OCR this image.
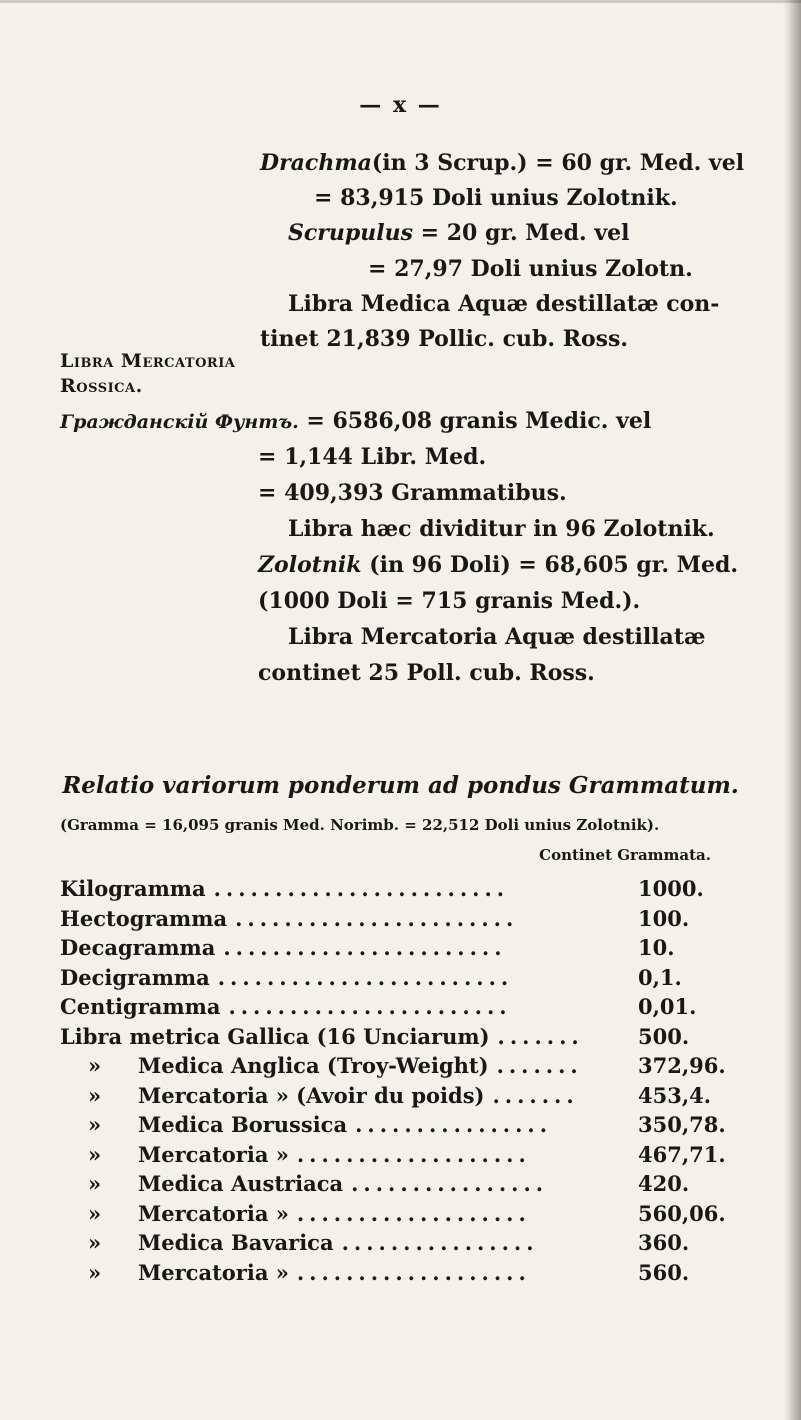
— x —
Drachma(in 3 Scrup.) = 60 gr. Med. vel
= 83,915 Doli unius Zolotnik.
Scrupulus = 20 gr. Med. vel
= 27,97 Doli unius Zolotn.
Libra Medica Aquæ destillatæ con-
tinet 21,839 Pollic. cub. Ross.
Libra Mercatoria
Rossica.
Гражданскій Фунтъ. = 6586,08 granis Medic. vel
= 1,144 Libr. Med.
= 409,393 Grammatibus.
Libra hæc dividitur in 96 Zolotnik.
Zolotnik (in 96 Doli) = 68,605 gr. Med.
(1000 Doli = 715 granis Med.).
Libra Mercatoria Aquæ destillatæ
continet 25 Poll. cub. Ross.
Relatio variorum ponderum ad pondus Grammatum.
(Gramma = 16,095 granis Med. Norimb. = 22,512 Doli unius Zolotnik).
Continet Grammata.
Kilogramma ........................	1000.
Hectogramma .......................	100.
Decagramma .......................	10.
Decigramma ........................	0,1.
Centigramma .......................	0,01.
Libra metrica Gallica (16 Unciarum) .......	500.
» Medica Anglica (Troy-Weight) .......	372,96.
» Mercatoria » (Avoir du poids) .......	453,4.
» Medica Borussica ................	350,78.
» Mercatoria » ...................	467,71.
» Medica Austriaca ................	420.
» Mercatoria » ...................	560,06.
» Medica Bavarica ................	360.
» Mercatoria » ...................	560.
